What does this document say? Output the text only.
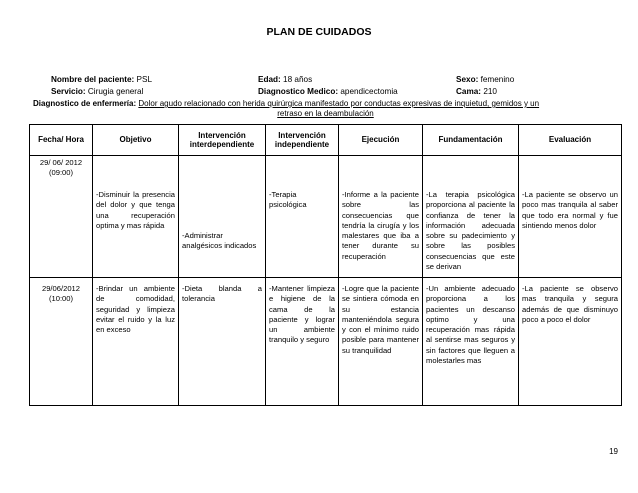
PLAN DE CUIDADOS
Nombre del paciente: PSL	Edad: 18 años	Sexo: femenino
Servicio: Cirugia general	Diagnostico Medico: apendicectomia	Cama: 210
Diagnostico de enfermería: Dolor agudo relacionado con herida quirúrgica manifestado por conductas expresivas de inquietud, gemidos y un
retraso en la deambulación
Fecha/ Hora	Objetivo	Intervención interdependiente	Intervención independiente	Ejecución	Fundamentación	Evaluación
29/ 06/ 2012
(09:00)	-Disminuir la presencia del dolor y que tenga una recuperación optima y mas rápida	-Administrar analgésicos indicados	-Terapia psicológica	-Informe a la paciente sobre las consecuencias que tendría la cirugía y los malestares que iba a tener durante su recuperación	-La terapia psicológica proporciona al paciente la confianza de tener la información adecuada sobre su padecimiento y sobre las posibles consecuencias que este se derivan	-La paciente se observo un poco mas tranquila al saber que todo era normal y fue sintiendo menos dolor
29/06/2012
(10:00)	-Brindar un ambiente de comodidad, seguridad y limpieza evitar el ruido y la luz en exceso	-Dieta blanda a tolerancia	-Mantener limpieza e higiene de la cama de la paciente y lograr un ambiente tranquilo y seguro	-Logre que la paciente se sintiera cómoda en su estancia manteniéndola segura y con el mínimo ruido posible para mantener su tranquilidad	-Un ambiente adecuado proporciona a los pacientes un descanso optimo y una recuperación mas rápida al sentirse mas seguros y sin factores que lleguen a molestarles mas	-La paciente se observo mas tranquila y segura además de que disminuyo poco a poco el dolor
19
